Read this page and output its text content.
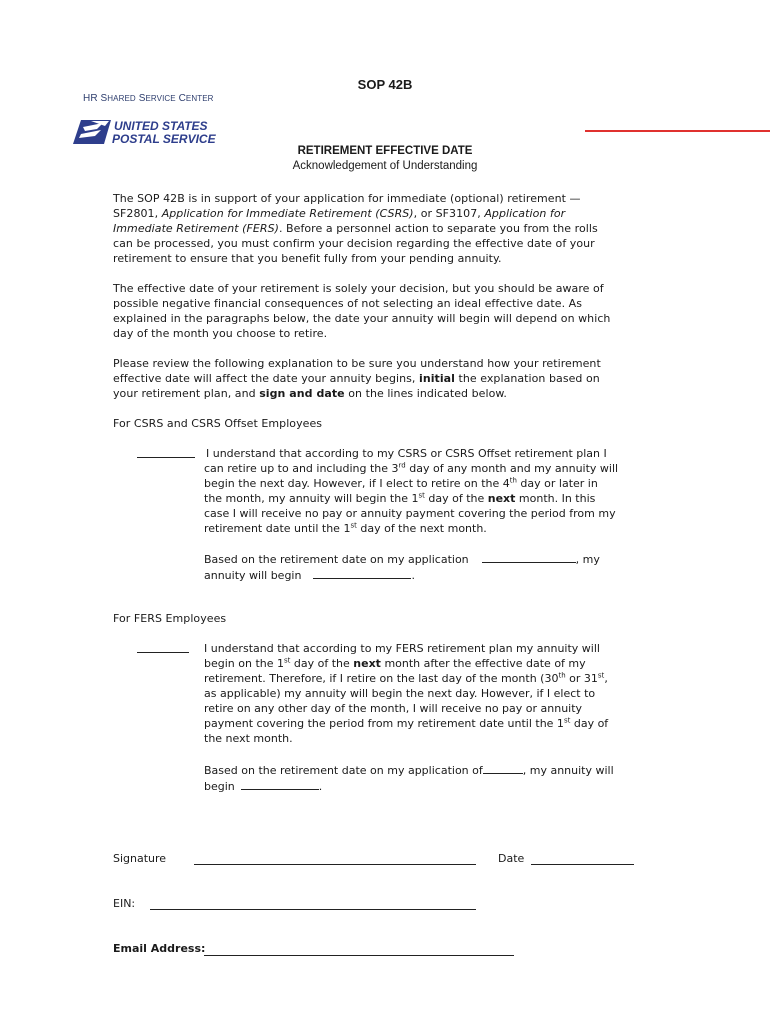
SOP 42B
HR SHARED SERVICE CENTER
UNITED STATES
POSTAL SERVICE
RETIREMENT EFFECTIVE DATE
Acknowledgement of Understanding
The SOP 42B is in support of your application for immediate (optional) retirement —
SF2801, Application for Immediate Retirement (CSRS), or SF3107, Application for
Immediate Retirement (FERS). Before a personnel action to separate you from the rolls
can be processed, you must confirm your decision regarding the effective date of your
retirement to ensure that you benefit fully from your pending annuity.
The effective date of your retirement is solely your decision, but you should be aware of
possible negative financial consequences of not selecting an ideal effective date. As
explained in the paragraphs below, the date your annuity will begin will depend on which
day of the month you choose to retire.
Please review the following explanation to be sure you understand how your retirement
effective date will affect the date your annuity begins, initial the explanation based on
your retirement plan, and sign and date on the lines indicated below.
For CSRS and CSRS Offset Employees
I understand that according to my CSRS or CSRS Offset retirement plan I
can retire up to and including the 3rd day of any month and my annuity will
begin the next day. However, if I elect to retire on the 4th day or later in
the month, my annuity will begin the 1st day of the next month. In this
case I will receive no pay or annuity payment covering the period from my
retirement date until the 1st day of the next month.
Based on the retirement date on my application	, my
annuity will begin	.
For FERS Employees
I understand that according to my FERS retirement plan my annuity will
begin on the 1st day of the next month after the effective date of my
retirement. Therefore, if I retire on the last day of the month (30th or 31st,
as applicable) my annuity will begin the next day. However, if I elect to
retire on any other day of the month, I will receive no pay or annuity
payment covering the period from my retirement date until the 1st day of
the next month.
Based on the retirement date on my application of	, my annuity will
begin	.
Signature	Date
EIN:
Email Address:
